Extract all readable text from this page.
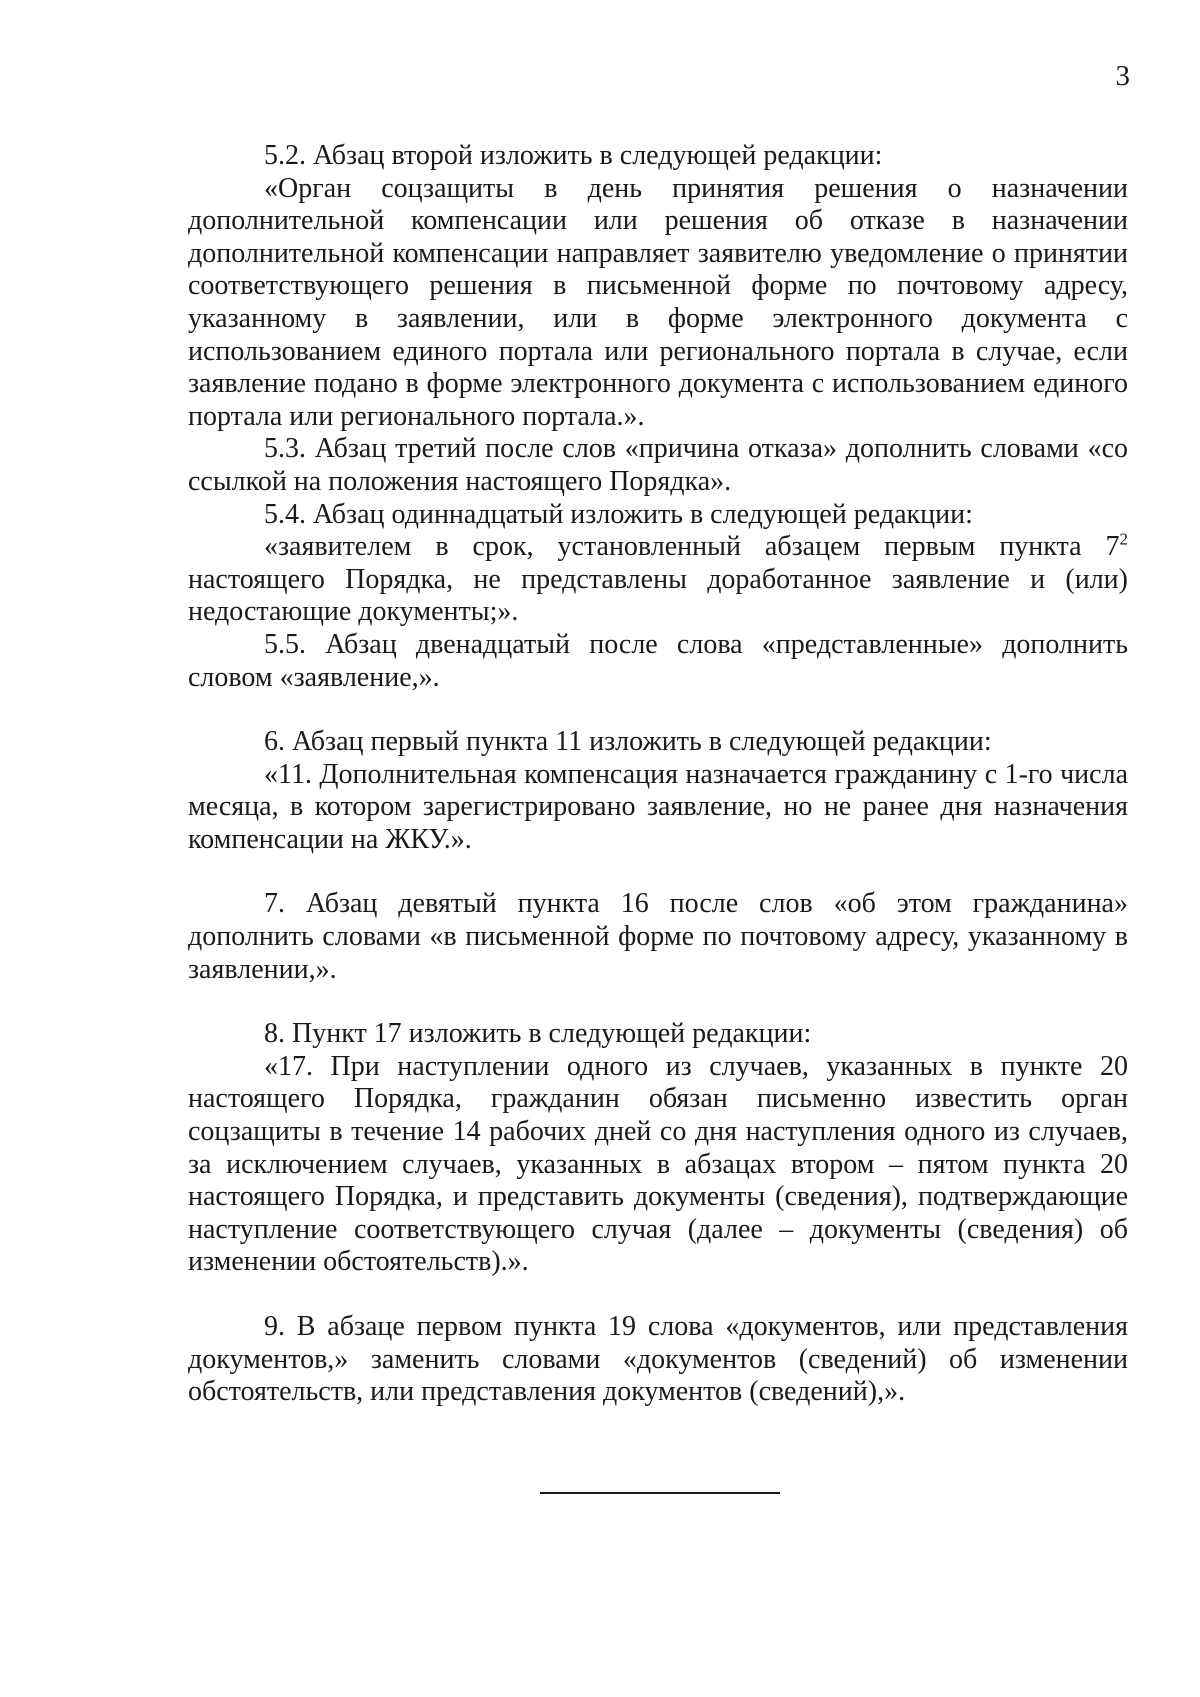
3

5.2. Абзац второй изложить в следующей редакции:

«Орган соцзащиты в день принятия решения о назначении дополнительной компенсации или решения об отказе в назначении дополнительной компенсации направляет заявителю уведомление о принятии соответствующего решения в письменной форме по почтовому адресу, указанному в заявлении, или в форме электронного документа с использованием единого портала или регионального портала в случае, если заявление подано в форме электронного документа с использованием единого портала или регионального портала.».

5.3. Абзац третий после слов «причина отказа» дополнить словами «со ссылкой на положения настоящего Порядка».

5.4. Абзац одиннадцатый изложить в следующей редакции:

«заявителем в срок, установленный абзацем первым пункта $7^2$ настоящего Порядка, не представлены доработанное заявление и (или) недостающие документы;».

5.5. Абзац двенадцатый после слова «представленные» дополнить словом «заявление,».

6. Абзац первый пункта 11 изложить в следующей редакции:

«11. Дополнительная компенсация назначается гражданину с 1-го числа месяца, в котором зарегистрировано заявление, но не ранее дня назначения компенсации на ЖКУ.».

7. Абзац девятый пункта 16 после слов «об этом гражданина» дополнить словами «в письменной форме по почтовому адресу, указанному в заявлении,».

8. Пункт 17 изложить в следующей редакции:

«17. При наступлении одного из случаев, указанных в пункте 20 настоящего Порядка, гражданин обязан письменно известить орган соцзащиты в течение 14 рабочих дней со дня наступления одного из случаев, за исключением случаев, указанных в абзацах втором – пятом пункта 20 настоящего Порядка, и представить документы (сведения), подтверждающие наступление соответствующего случая (далее – документы (сведения) об изменении обстоятельств).».

9. В абзаце первом пункта 19 слова «документов, или представления документов,» заменить словами «документов (сведений) об изменении обстоятельств, или представления документов (сведений),».
